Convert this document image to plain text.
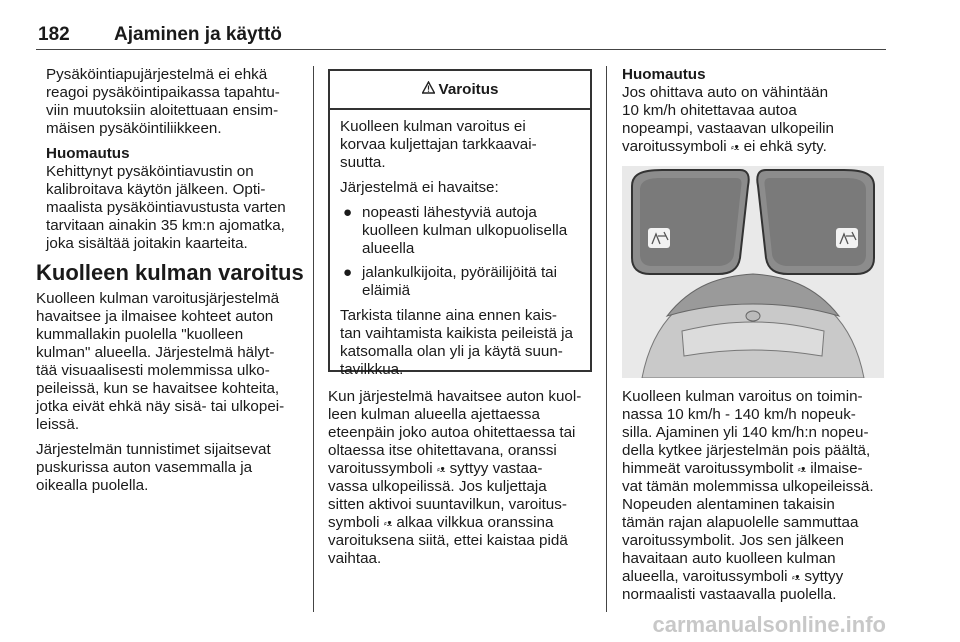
182 Ajaminen ja käyttö

Pysäköintiapujärjestelmä ei ehkä
reagoi pysäköintipaikassa tapahtu-
viin muutoksiin aloitettuaan ensim-
mäisen pysäköintiliikkeen.

Huomautus

Kehittynyt pysäköintiavustin on
kalibroitava käytön jälkeen. Opti-
maalista pysäköintiavustusta varten
tarvitaan ainakin 35 km:n ajomatka,
joka sisältää joitakin kaarteita.

Kuolleen kulman varoitus

Kuolleen kulman varoitusjärjestelmä
havaitsee ja ilmaisee kohteet auton
kummallakin puolella "kuolleen
kulman" alueella. Järjestelmä hälyt-
tää visuaalisesti molemmissa ulko-
peileissä, kun se havaitsee kohteita,
jotka eivät ehkä näy sisä- tai ulkopei-
leissä.

Järjestelmän tunnistimet sijaitsevat
puskurissa auton vasemmalla ja
oikealla puolella.

Varoitus

Kuolleen kulman varoitus ei
korvaa kuljettajan tarkkaavai-
suutta.

Järjestelmä ei havaitse:

● nopeasti lähestyviä autoja
kuolleen kulman ulkopuolisella
alueella
● jalankulkijoita, pyöräilijöitä tai
eläimiä

Tarkista tilanne aina ennen kais-
tan vaihtamista kaikista peileistä ja
katsomalla olan yli ja käytä suun-
tavilkkua.

Kun järjestelmä havaitsee auton kuol-
leen kulman alueella ajettaessa
eteenpäin joko autoa ohitettaessa tai
oltaessa itse ohitettavana, oranssi
varoitussymboli ⸗ᴥ syttyy vastaa-
vassa ulkopeilissä. Jos kuljettaja
sitten aktivoi suuntavilkun, varoitus-
symboli ⸗ᴥ alkaa vilkkua oranssina
varoituksena siitä, ettei kaistaa pidä
vaihtaa.
Huomautus
Jos ohittava auto on vähintään
10 km/h ohitettavaa autoa
nopeampi, vastaavan ulkopeilin
varoitussymboli ⸗ᴥ ei ehkä syty.
Kuolleen kulman varoitus on toimin-
nassa 10 km/h - 140 km/h nopeuk-
silla. Ajaminen yli 140 km/h:n nopeu-
della kytkee järjestelmän pois päältä,
himmeät varoitussymbolit ⸗ᴥ ilmaise-
vat tämän molemmissa ulkopeileissä.
Nopeuden alentaminen takaisin
tämän rajan alapuolelle sammuttaa
varoitussymbolit. Jos sen jälkeen
havaitaan auto kuolleen kulman
alueella, varoitussymboli ⸗ᴥ syttyy
normaalisti vastaavalla puolella.
carmanualsonline.info
